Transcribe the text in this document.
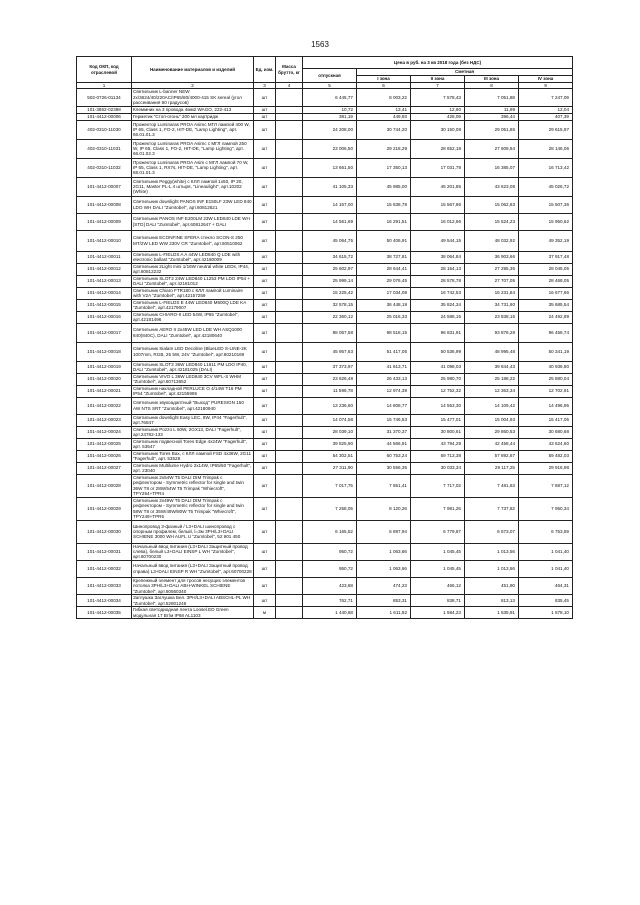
1563
Код ОКП, код отраслевой	Наименование материалов и изделий	Ед. изм.	Масса брутто, кг	Цена в руб. на 3 кв 2018 года (без НДС)				
				отпускная	Сметная			
					I зона	II зона	III зона	IV зона
1	2	3	4	5	6	7	8	9
502-0726-01134	Светильник L-banner NEW 2x/3624/40/220AC/IP65/80/4000-415 SK sereal (угол рассеивания 60 градусов)	шт		6 445,77	8 003,22	7 578,43	7 051,88	7 247,09
101-3862-02398	Клеммник на 3 провода 4мм2 WAGO, 222-413	шт		10,72	13,41	12,60	11,99	12,04
101-4412-00006	Герметик "Стоп-огонь" 300 мл картридж	шт		381,19	449,93	428,09	396,44	407,39
402-0310-11030	Прожектор Luminaras PROA Asimc МГЛ лампой 400 W, IP 65, Class 1, FO-2, HIT-DE, "Lamp Lighting", арт. 66.01.01.3	шт		24 208,00	30 744,20	30 150,08	29 051,86	29 615,97
402-0310-11031	Прожектор Luminaras PROA Asimc с МГЛ лампой 250 W, IP 65, Class 1, FO-2, HIT-DE, "Lamp Lighting", арт. 66.01.02.3	шт		23 006,50	29 218,29	28 652,18	27 609,94	28 146,06
402-0310-11032	Прожектор Luminaras PROA Asim с МГЛ лампой 70 W, IP 65, Class 1, RX7s, HIT-DE, "Lamp Lighting", арт. 68.01.01.3	шт		13 661,50	17 350,13	17 031,78	16 385,07	16 713,42
101-4412-00007	Светильник Peggy(white) с КЛЛ лампой 1x50, IP 20, 2G11, Master PL-L 4 штыря, "Lineaulight", арт.10202 (White)	шт		41 105,33	45 985,00	45 201,85	43 623,08	45 026,72
101-4412-00008	Светильник downlight PANOS INF E150LF 23W LED 840 LDO WH DALI "Zumtobel", арт.60812621	шт		14 157,00	15 838,78	15 567,86	15 062,83	15 507,36
101-4412-00009	Светильник PANOS INF E200LM 23W LED840 LDE WH [STD] DALI "Zumtobel", арт.60812647 + DALI	шт		14 561,69	16 291,51	16 012,66	15 524,23	15 950,62
101-4412-00010	Светильник ECONFINE SFERA стекло SCON-S 250 MT/2W LED WW 230V CR "Zumtobel", арт.60510062	шт		45 064,75	50 406,91	49 544,15	48 032,92	49 352,19
101-4412-00011	Светильник L-FIELDS A A 44W LED840 Q LDE with electronic ballast "Zumtobel", арт.42180009	шт		34 615,72	38 727,81	38 064,84	36 903,66	37 917,48
101-4412-00012	Светильник 2Light mini 1/16W neutral white LEDs, IP44, арт.60812232	шт		25 602,97	28 644,41	28 154,13	27 295,35	28 045,05
101-4412-00013	Светильник SLOT2 24W LED840 L1253 PM LDO IP54 + DALI "Zumtobel", арт.42181012	шт		25 999,14	29 076,45	28 578,78	27 707,05	28 468,05
101-4412-00014	Светильник Chiaro FTR180 с КЛЛ лампой Luminaire with V2A "Zumtobel", арт.42157259	шт		15 225,42	17 034,08	16 742,53	16 231,84	16 677,66
101-4412-00015	Светильник L-FIELDS E 44W LED840 M600Q LDE KA "Zumtobel", арт.42179007	шт		32 578,15	36 448,19	35 824,34	34 731,60	35 685,54
101-4412-00016	Светильник CHIARO-II LED 54W, IP65 "Zumtobel", арт.42181496	шт		22 360,12	25 016,33	24 588,15	23 838,15	24 492,89
101-4412-00017	Светильник AERO II 2x45W LED LDE WH ASQ1000 840(840C), DALI "Zumtobel", арт.42180640	шт		88 057,58	98 518,15	96 831,91	93 878,28	96 456,74
101-4412-00018	Светильник Sialam LED Decoline (BlueLED S-LINE-2K 1007mm, RGB, 25 5W, 24V "Zumtobel", арт.60210169	шт		45 957,63	51 417,05	50 536,99	48 995,48	50 341,19
101-4412-00019	Светильник SLOT2 36W LED840 L1611 PM LDO IP40, DALI "Zumtobel", арт.42181025 (DALI)	шт		37 373,97	41 813,71	41 098,03	39 844,43	40 938,80
101-4412-00020	Светильник VIVO L 36W LED840 3CV WFL-S WHM "Zumtobel", арт.60713652	шт		23 626,48	26 433,13	25 980,70	25 188,22	25 880,04
101-4412-00021	Светильник накладной PERLUCE O 4/14W T16 PM IP54 "Zumtobel", арт.42155995	шт		11 596,78	12 974,39	12 752,32	12 363,34	12 702,91
101-4412-00022	Светильник звукоадаптный "Выход" PURESIGN 150 AW NTS SRT "Zumtobel", арт.42180940	шт		13 236,60	14 808,77	14 553,30	14 109,42	14 496,95
101-4412-00023	Светильник downlight Easy LEC, 8W, IP44 "Fagerhult", арт.76847	шт		14 074,58	15 746,53	15 477,01	15 004,93	15 417,05
101-4412-00024	Светильник Pozzo L 60W, 2GX13, DALI "Fagerhult", арт.24782-133	шт		28 039,10	31 370,37	30 800,61	29 860,53	30 680,68
101-4412-00025	Светильник подвесной Tores Edge 4x24W "Fagerhult", арт. 53547	шт		39 825,90	44 566,91	43 794,29	42 458,44	43 624,60
101-4412-00026	Светильник Tores Bax, с КЛЛ лампой FSD 4x36W, 2G11 "Fagerhult", арт. 53528	шт		54 302,51	60 753,24	59 713,38	57 892,67	59 482,03
101-4412-00027	Светильник Multilume Hydro 2x14W, IP65/50 "Fagerhult", арт. 23040	шт		27 311,90	30 556,35	30 033,34	29 117,25	29 916,98
101-4412-00028	Светильник 2x54W T5 DALI DIM Trimpak с рефлектором - Symmetric reflector for single and twin 36W T8 or 28W/54W T5 Trimpak "Whiecroft", TPY254+TPR4	шт		7 017,75	7 851,41	7 717,02	7 481,63	7 687,12
101-4412-00029	Светильник 2x49W T5 DALI DIM Trimpak с рефлектором - Symmetric reflector for single and twin 58W T8 or 35W/49W/80W T5 Trimpak "Whiecroft", TPY249+TPR5	шт		7 258,05	8 120,26	7 981,26	7 737,82	7 950,34
101-4412-00030	Шинопровод 3-фазный / L3+DALI шинопровод с опорным профилем, белый, l=3м 3PH/L3+DALI SCHIENE 3000 WH AUFL U "Zumtobel", 52 901 450	шт		6 165,52	6 897,94	6 779,87	6 573,07	6 753,59
101-4412-00031	Начальный ввод питания (L3+DALI Защитный провод слева), белый L3+DALI EINSP L WH "Zumtobel", арт.60700230	шт		950,72	1 063,66	1 045,45	1 013,56	1 041,40
101-4412-00032	Начальный ввод питания (L3+DALI Защитный провод справа) L3+DALI EINSP R WH "Zumtobel", арт.60700228	шт		950,72	1 063,66	1 045,45	1 013,56	1 041,40
101-4412-00033	Крепежный элемент для тросов несущих элементов потолка 3PH/L3+DALI ABH-WINKEL SCHIENE "Zumtobel", арт.60560340	шт		423,68	474,23	466,12	451,90	464,31
101-4412-00034	Заглушка Заглушка Бел. 3PH/L3+DALI ABSCHL-PL WH "Zumtobel", арт.52801246	шт		762,71	853,31	838,71	813,13	835,45
101-4412-00035	Гибкая светодиодная лента Loosel.ED Green модульная 17 Вт/м IP68 AL1103	м		1 440,68	1 611,82	1 584,23	1 535,91	1 578,10
